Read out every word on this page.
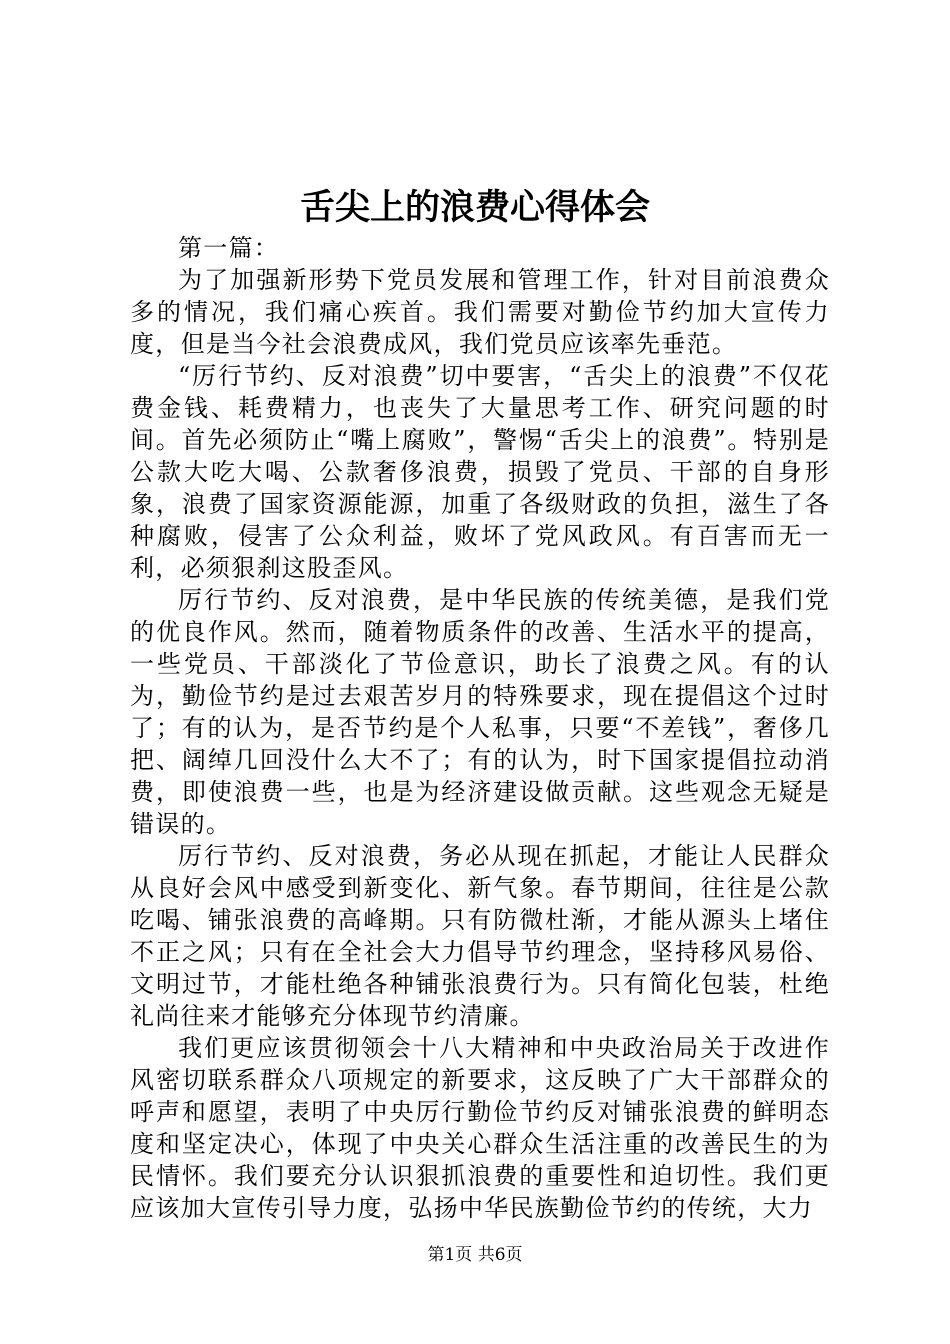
舌尖上的浪费心得体会

第一篇：

为了加强新形势下党员发展和管理工作，针对目前浪费众多的情况，我们痛心疾首。我们需要对勤俭节约加大宣传力度，但是当今社会浪费成风，我们党员应该率先垂范。

“厉行节约、反对浪费”切中要害，“舌尖上的浪费”不仅花费金钱、耗费精力，也丧失了大量思考工作、研究问题的时间。首先必须防止“嘴上腐败”，警惕“舌尖上的浪费”。特别是公款大吃大喝、公款奢侈浪费，损毁了党员、干部的自身形象，浪费了国家资源能源，加重了各级财政的负担，滋生了各种腐败，侵害了公众利益，败坏了党风政风。有百害而无一利，必须狠刹这股歪风。

厉行节约、反对浪费，是中华民族的传统美德，是我们党的优良作风。然而，随着物质条件的改善、生活水平的提高，一些党员、干部淡化了节俭意识，助长了浪费之风。有的认为，勤俭节约是过去艰苦岁月的特殊要求，现在提倡这个过时了；有的认为，是否节约是个人私事，只要“不差钱”，奢侈几把、阔绰几回没什么大不了；有的认为，时下国家提倡拉动消费，即使浪费一些，也是为经济建设做贡献。这些观念无疑是错误的。

厉行节约、反对浪费，务必从现在抓起，才能让人民群众从良好会风中感受到新变化、新气象。春节期间，往往是公款吃喝、铺张浪费的高峰期。只有防微杜渐，才能从源头上堵住不正之风；只有在全社会大力倡导节约理念，坚持移风易俗、文明过节，才能杜绝各种铺张浪费行为。只有简化包装，杜绝礼尚往来才能够充分体现节约清廉。

我们更应该贯彻领会十八大精神和中央政治局关于改进作风密切联系群众八项规定的新要求，这反映了广大干部群众的呼声和愿望，表明了中央厉行勤俭节约反对铺张浪费的鲜明态度和坚定决心，体现了中央关心群众生活注重的改善民生的为民情怀。我们要充分认识狠抓浪费的重要性和迫切性。我们更应该加大宣传引导力度，弘扬中华民族勤俭节约的传统，大力

第1页 共6页
